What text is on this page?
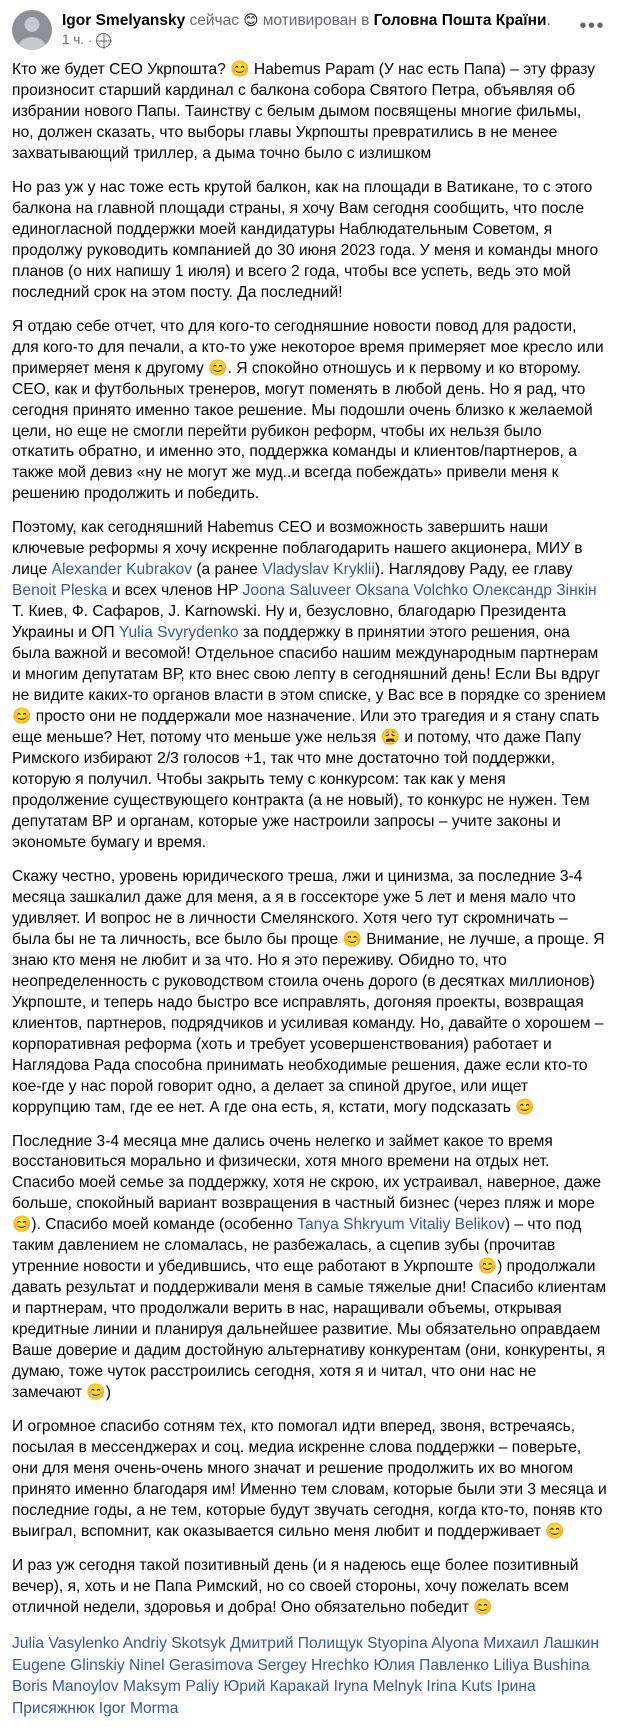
Igor Smelyansky сейчас 😊 мотивирован в Головна Пошта Країни.
1 ч. ·
•••

Кто же будет СЕО Укрпошта? 😊 Habemus Papam (У нас есть Папа) – эту фразу произносит старший кардинал с балкона собора Святого Петра, объявляя об избрании нового Папы. Таинству с белым дымом посвящены многие фильмы, но, должен сказать, что выборы главы Укрпошты превратились в не менее захватывающий триллер, а дыма точно было с излишком

Но раз уж у нас тоже есть крутой балкон, как на площади в Ватикане, то с этого балкона на главной площади страны, я хочу Вам сегодня сообщить, что после единогласной поддержки моей кандидатуры Наблюдательным Советом, я продолжу руководить компанией до 30 июня 2023 года. У меня и команды много планов (о них напишу 1 июля) и всего 2 года, чтобы все успеть, ведь это мой последний срок на этом посту. Да последний!

Я отдаю себе отчет, что для кого-то сегодняшние новости повод для радости, для кого-то для печали, а кто-то уже некоторое время примеряет мое кресло или примеряет меня к другому 😊. Я спокойно отношусь и к первому и ко второму. СЕО, как и футбольных тренеров, могут поменять в любой день. Но я рад, что сегодня принято именно такое решение. Мы подошли очень близко к желаемой цели, но еще не смогли перейти рубикон реформ, чтобы их нельзя было откатить обратно, и именно это, поддержка команды и клиентов/партнеров, а также мой девиз «ну не могут же муд..и всегда побеждать» привели меня к решению продолжить и победить.

Поэтому, как сегодняшний Habemus CEO и возможность завершить наши ключевые реформы я хочу искренне поблагодарить нашего акционера, МИУ в лице Alexander Kubrakov (а ранее Vladyslav Kryklii). Наглядову Раду, ее главу Benoit Pleska и всех членов HP Joona Saluveer Oksana Volchko Олександр Зінкін Т. Киев, Ф. Сафаров, J. Karnowski. Ну и, безусловно, благодарю Президента Украины и ОП Yulia Svyrydenko за поддержку в принятии этого решения, она была важной и весомой! Отдельное спасибо нашим международным партнерам и многим депутатам ВР, кто внес свою лепту в сегодняшний день! Если Вы вдруг не видите каких-то органов власти в этом списке, у Вас все в порядке со зрением 😊 просто они не поддержали мое назначение. Или это трагедия и я стану спать еще меньше? Нет, потому что меньше уже нельзя 😩 и потому, что даже Папу Римского избирают 2/3 голосов +1, так что мне достаточно той поддержки, которую я получил. Чтобы закрыть тему с конкурсом: так как у меня продолжение существующего контракта (а не новый), то конкурс не нужен. Тем депутатам ВР и органам, которые уже настроили запросы – учите законы и экономьте бумагу и время.

Скажу честно, уровень юридического треша, лжи и цинизма, за последние 3-4 месяца зашкалил даже для меня, а я в госсекторе уже 5 лет и меня мало что удивляет. И вопрос не в личности Смелянского. Хотя чего тут скромничать – была бы не та личность, все было бы проще 😊 Внимание, не лучше, а проще. Я знаю кто меня не любит и за что. Но я это переживу. Обидно то, что неопределенность с руководством стоила очень дорого (в десятках миллионов) Укрпоште, и теперь надо быстро все исправлять, догоняя проекты, возвращая клиентов, партнеров, подрядчиков и усиливая команду. Но, давайте о хорошем – корпоративная реформа (хоть и требует усовершенствования) работает и Наглядова Рада способна принимать необходимые решения, даже если кто-то кое-где у нас порой говорит одно, а делает за спиной другое, или ищет коррупцию там, где ее нет. А где она есть, я, кстати, могу подсказать 😊

Последние 3-4 месяца мне дались очень нелегко и займет какое то время восстановиться морально и физически, хотя много времени на отдых нет. Спасибо моей семье за поддержку, хотя не скрою, их устраивал, наверное, даже больше, спокойный вариант возвращения в частный бизнес (через пляж и море 😊). Спасибо моей команде (особенно Tanya Shkryum Vitaliy Belikov) – что под таким давлением не сломалась, не разбежалась, а сцепив зубы (прочитав утренние новости и убедившись, что еще работают в Укрпоште 😊) продолжали давать результат и поддерживали меня в самые тяжелые дни! Спасибо клиентам и партнерам, что продолжали верить в нас, наращивали объемы, открывая кредитные линии и планируя дальнейшее развитие. Мы обязательно оправдаем Ваше доверие и дадим достойную альтернативу конкурентам (они, конкуренты, я думаю, тоже чуток расстроились сегодня, хотя я и читал, что они нас не замечают 😊)

И огромное спасибо сотням тех, кто помогал идти вперед, звоня, встречаясь, посылая в мессенджерах и соц. медиа искренне слова поддержки – поверьте, они для меня очень-очень много значат и решение продолжить их во многом принято именно благодаря им! Именно тем словам, которые были эти 3 месяца и последние годы, а не тем, которые будут звучать сегодня, когда кто-то, поняв кто выиграл, вспомнит, как оказывается сильно меня любит и поддерживает 😊

И раз уж сегодня такой позитивный день (и я надеюсь еще более позитивный вечер), я, хоть и не Папа Римский, но со своей стороны, хочу пожелать всем отличной недели, здоровья и добра! Оно обязательно победит 😊

Julia Vasylenko Andriy Skotsyk Дмитрий Полищук Styopina Alyona Михаил Лашкин Eugene Glinskiy Ninel Gerasimova Sergey Hrechko Юлия Павленко Liliya Bushina Boris Manoylov Maksym Paliy Юрий Каракай Iryna Melnyk Irina Kuts Ірина Присяжнюк Igor Morma
